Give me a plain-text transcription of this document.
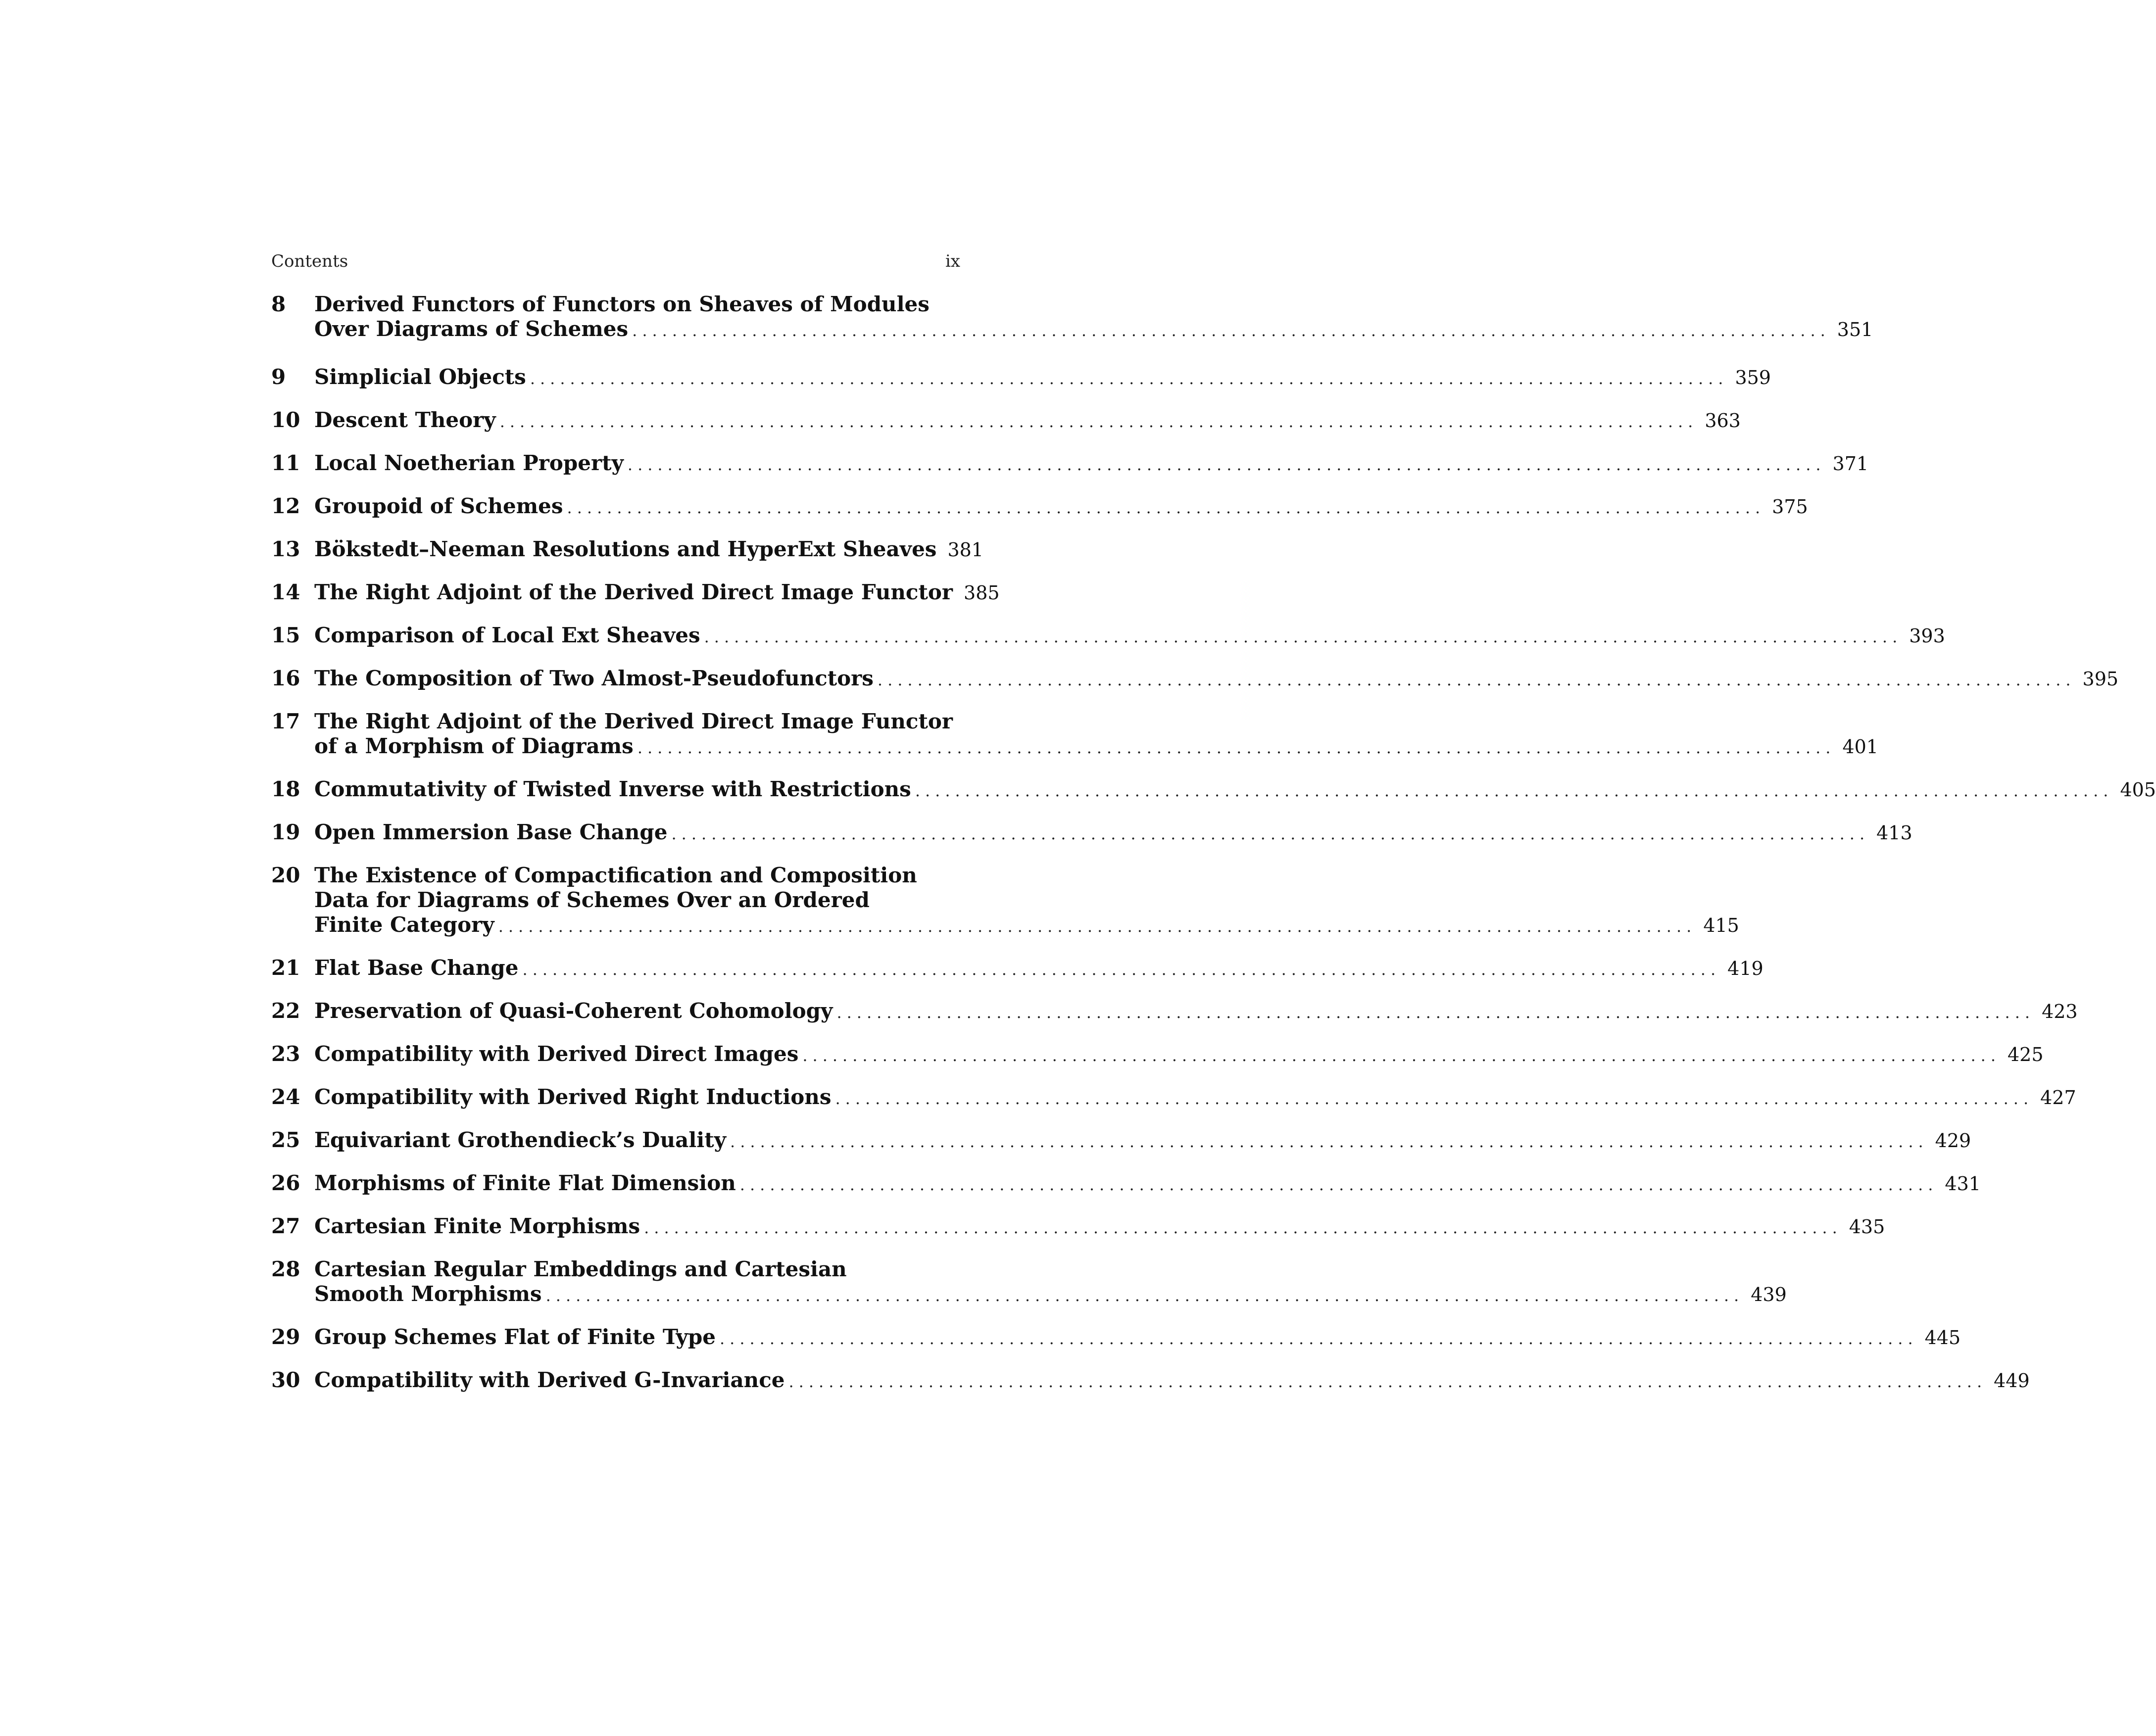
Contents	ix
8	Derived Functors of Functors on Sheaves of Modules
Over Diagrams of Schemes ........................................................................................................................ 351
9	Simplicial Objects ........................................................................................................................ 359
10 Descent Theory ........................................................................................................................ 363
11 Local Noetherian Property ........................................................................................................................ 371
12 Groupoid of Schemes ........................................................................................................................ 375
13 Bökstedt–Neeman Resolutions and HyperExt Sheaves 381
14 The Right Adjoint of the Derived Direct Image Functor 385
15 Comparison of Local Ext Sheaves ........................................................................................................................ 393
16 The Composition of Two Almost-Pseudofunctors ........................................................................................................................ 395
17 The Right Adjoint of the Derived Direct Image Functor
of a Morphism of Diagrams ........................................................................................................................ 401
18 Commutativity of Twisted Inverse with Restrictions ........................................................................................................................ 405
19 Open Immersion Base Change ........................................................................................................................ 413
20 The Existence of Compactification and Composition
Data for Diagrams of Schemes Over an Ordered
Finite Category ........................................................................................................................ 415
21 Flat Base Change ........................................................................................................................ 419
22 Preservation of Quasi-Coherent Cohomology ........................................................................................................................ 423
23 Compatibility with Derived Direct Images ........................................................................................................................ 425
24 Compatibility with Derived Right Inductions ........................................................................................................................ 427
25 Equivariant Grothendieck’s Duality ........................................................................................................................ 429
26 Morphisms of Finite Flat Dimension ........................................................................................................................ 431
27 Cartesian Finite Morphisms ........................................................................................................................ 435
28 Cartesian Regular Embeddings and Cartesian
Smooth Morphisms ........................................................................................................................ 439
29 Group Schemes Flat of Finite Type ........................................................................................................................ 445
30 Compatibility with Derived G-Invariance ........................................................................................................................ 449
